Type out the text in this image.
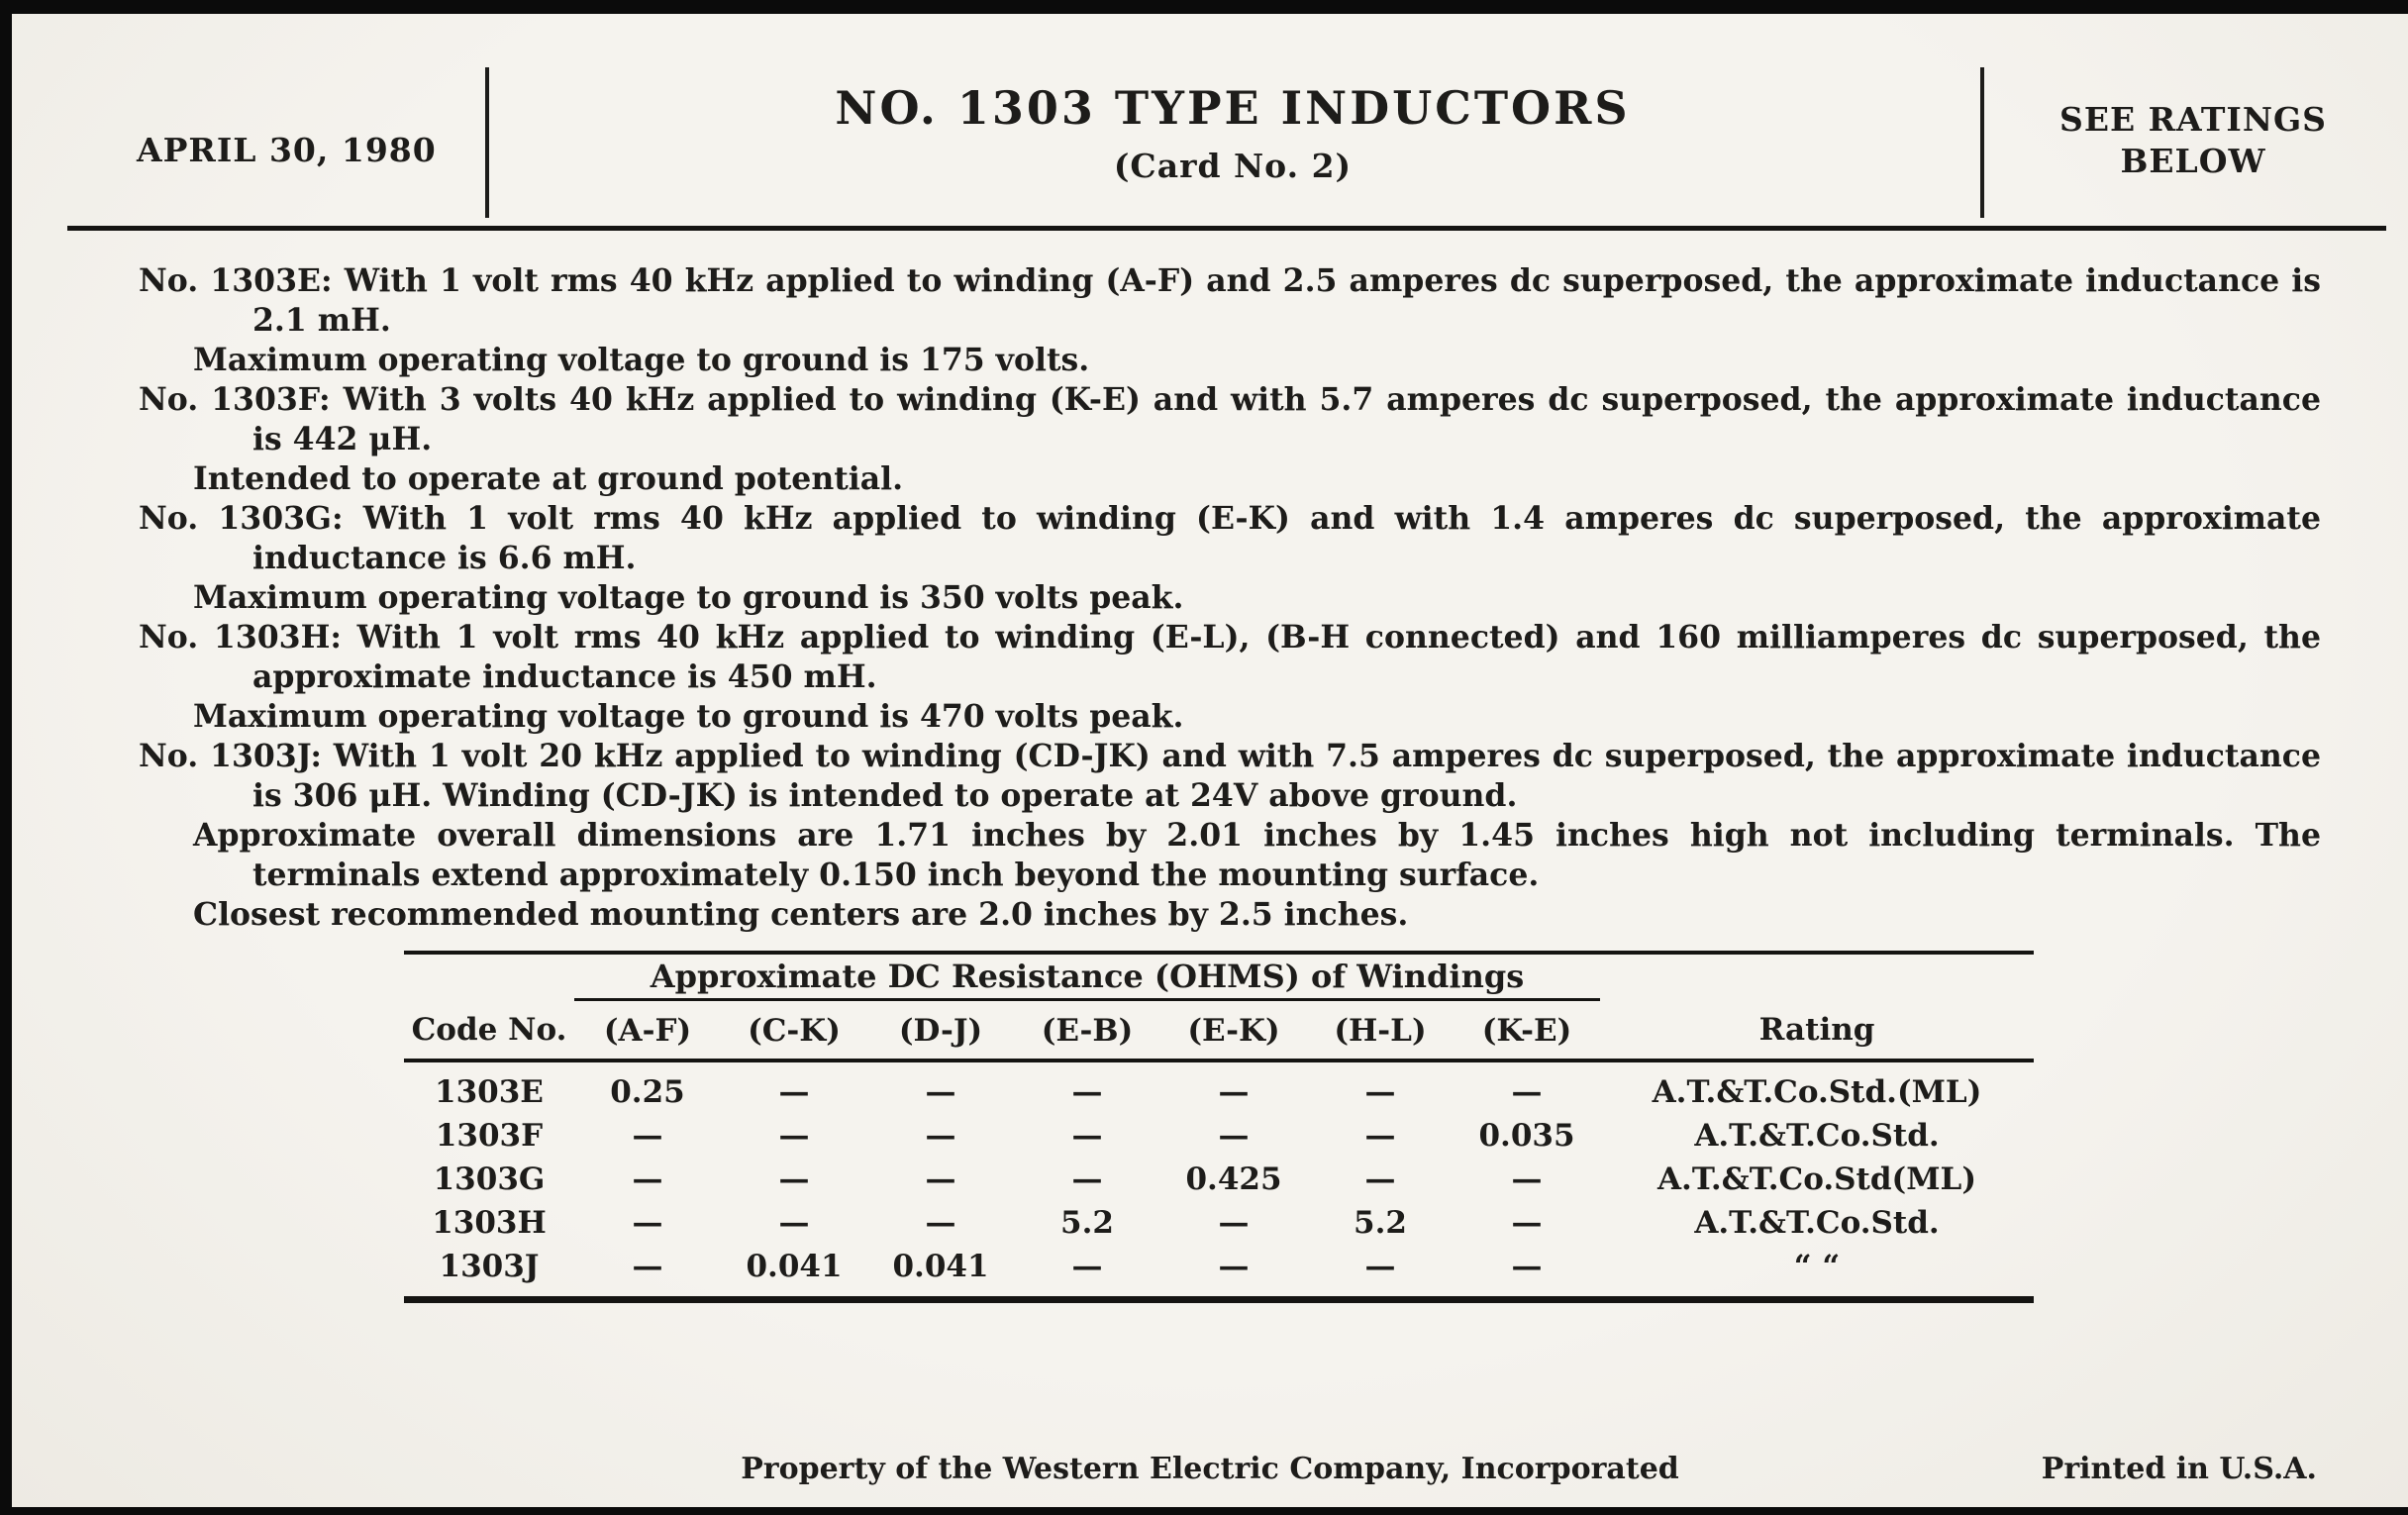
APRIL 30, 1980
NO. 1303 TYPE INDUCTORS
(Card No. 2)
SEE RATINGS
BELOW

No. 1303E: With 1 volt rms 40 kHz applied to winding (A-F) and 2.5 amperes dc superposed, the approximate inductance is 2.1 mH.

Maximum operating voltage to ground is 175 volts.

No. 1303F: With 3 volts 40 kHz applied to winding (K-E) and with 5.7 amperes dc superposed, the approximate inductance is 442 μH.

Intended to operate at ground potential.

No. 1303G: With 1 volt rms 40 kHz applied to winding (E-K) and with 1.4 amperes dc superposed, the approximate inductance is 6.6 mH.

Maximum operating voltage to ground is 350 volts peak.

No. 1303H: With 1 volt rms 40 kHz applied to winding (E-L), (B-H connected) and 160 milliamperes dc superposed, the approximate inductance is 450 mH.

Maximum operating voltage to ground is 470 volts peak.

No. 1303J: With 1 volt 20 kHz applied to winding (CD-JK) and with 7.5 amperes dc superposed, the approximate inductance is 306 μH. Winding (CD-JK) is intended to operate at 24V above ground.

Approximate overall dimensions are 1.71 inches by 2.01 inches by 1.45 inches high not including terminals. The terminals extend approximately 0.150 inch beyond the mounting surface.

Closest recommended mounting centers are 2.0 inches by 2.5 inches.

	Approximate DC Resistance (OHMS) of Windings							
Code No.	(A-F)	(C-K)	(D-J)	(E-B)	(E-K)	(H-L)	(K-E)	Rating
1303E	0.25	—	—	—	—	—	—	A.T.&T.Co.Std.(ML)
1303F	—	—	—	—	—	—	0.035	A.T.&T.Co.Std.
1303G	—	—	—	—	0.425	—	—	A.T.&T.Co.Std(ML)
1303H	—	—	—	5.2	—	5.2	—	A.T.&T.Co.Std.
1303J	—	0.041	0.041	—	—	—	—	“ “
Property of the Western Electric Company, Incorporated	Printed in U.S.A.
